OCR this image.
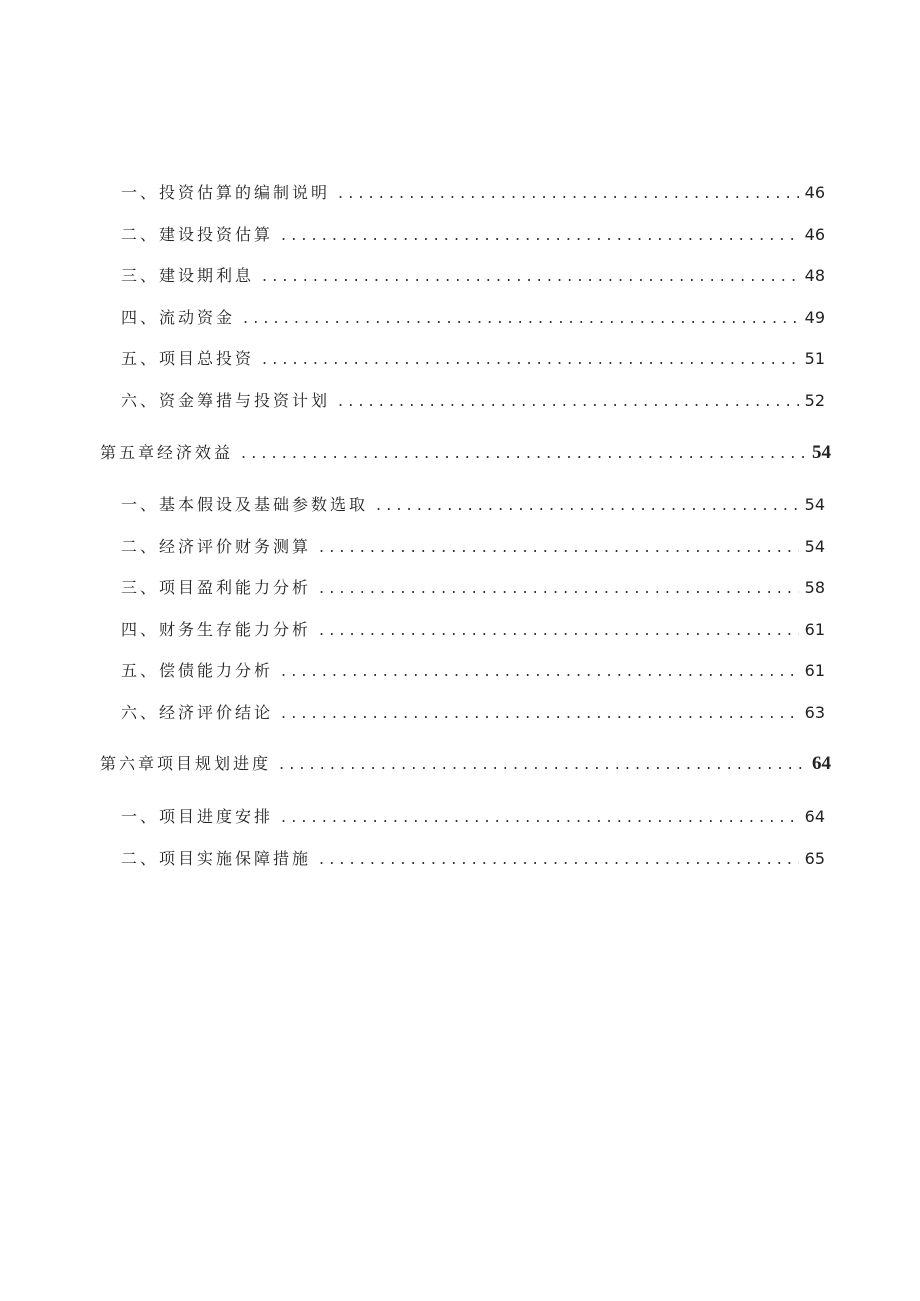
一、投资估算的编制说明 . . .	46
二、建设投资估算 . . .	46
三、建设期利息 . . .	48
四、流动资金 . . .	49
五、项目总投资 . . .	51
六、资金筹措与投资计划 . . .	52
第五章经济效益 . . .	54
一、基本假设及基础参数选取 . . .	54
二、经济评价财务测算 . . .	54
三、项目盈利能力分析 . . .	58
四、财务生存能力分析 . . .	61
五、偿债能力分析 . . .	61
六、经济评价结论 . . .	63
第六章项目规划进度 . . .	64
一、项目进度安排 . . .	64
二、项目实施保障措施 . . .	65
